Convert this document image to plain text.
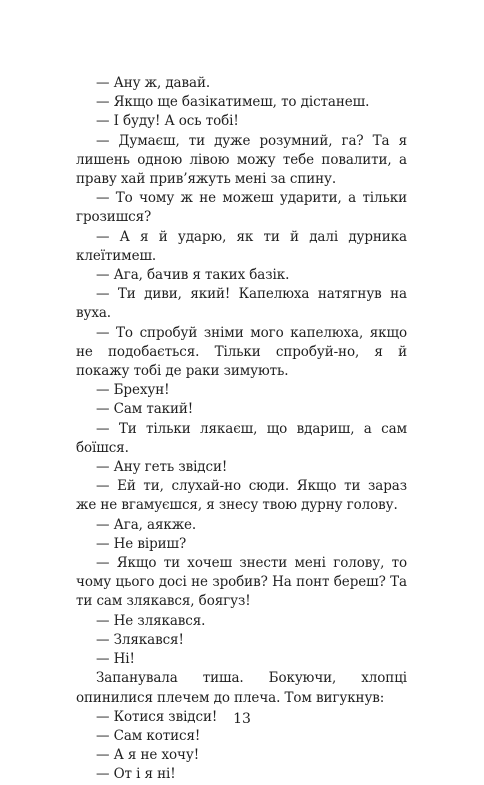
— Ану ж, давай.

— Якщо ще базікатимеш, то дістанеш.

— І буду! А ось тобі!

— Думаєш, ти дуже розумний, га? Та я лишень одною лівою можу тебе повалити, а праву хай прив’яжуть мені за спину.

— То чому ж не можеш ударити, а тільки грозишся?

— А я й ударю, як ти й далі дурника клеїтимеш.

— Ага, бачив я таких базік.

— Ти диви, який! Капелюха натягнув на вуха.

— То спробуй зніми мого капелюха, якщо не подобається. Тільки спробуй-но, я й покажу тобі де раки зимують.

— Брехун!

— Сам такий!

— Ти тільки лякаєш, що вдариш, а сам боїшся.

— Ану геть звідси!

— Ей ти, слухай-но сюди. Якщо ти зараз же не вгамуєшся, я знесу твою дурну голову.

— Ага, аякже.

— Не віриш?

— Якщо ти хочеш знести мені голову, то чому цього досі не зробив? На понт береш? Та ти сам злякався, боягуз!

— Не злякався.

— Злякався!

— Ні!

Запанувала тиша. Бокуючи, хлопці опинилися плечем до плеча. Том вигукнув:

— Котися звідси!

— Сам котися!

— А я не хочу!

— От і я ні!

13
